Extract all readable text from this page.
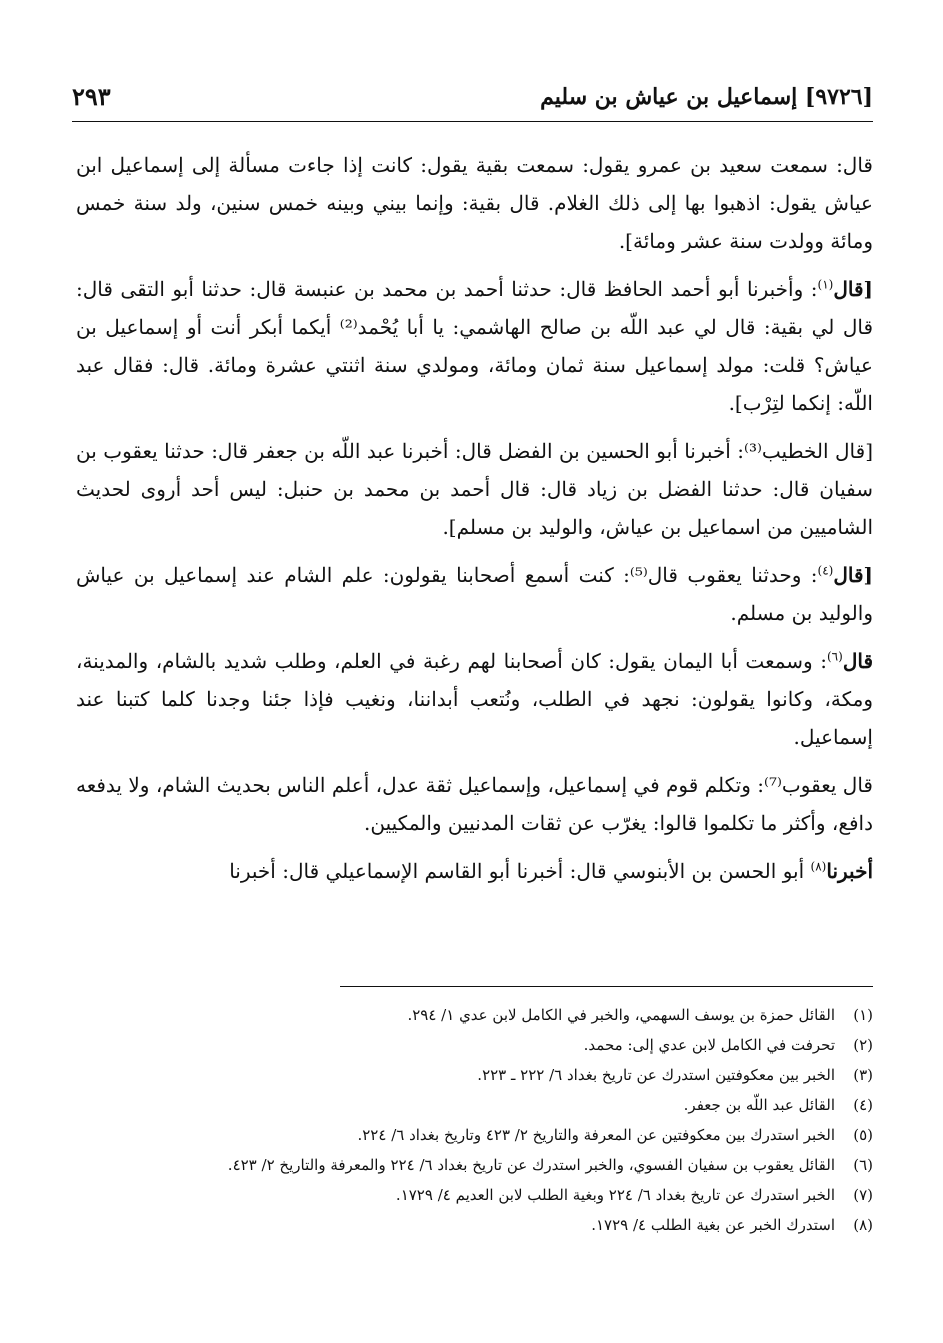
[٩٧٢٦] إسماعيل بن عياش بن سليم
٢٩٣

قال: سمعت سعيد بن عمرو يقول: سمعت بقية يقول: كانت إذا جاءت مسألة إلى إسماعيل ابن عياش يقول: اذهبوا بها إلى ذلك الغلام. قال بقية: وإنما بيني وبينه خمس سنين، ولد سنة خمس ومائة وولدت سنة عشر ومائة].

[قال$^{(١)}$: وأخبرنا أبو أحمد الحافظ قال: حدثنا أحمد بن محمد بن عنبسة قال: حدثنا أبو التقى قال: قال لي بقية: قال لي عبد اللّه بن صالح الهاشمي: يا أبا يُحْمد⁽²⁾ أيكما أبكر أنت أو إسماعيل بن عياش؟ قلت: مولد إسماعيل سنة ثمان ومائة، ومولدي سنة اثنتي عشرة ومائة. قال: فقال عبد اللّه: إنكما لتِرْب].

[قال الخطيب⁽³⁾: أخبرنا أبو الحسين بن الفضل قال: أخبرنا عبد اللّه بن جعفر قال: حدثنا يعقوب بن سفيان قال: حدثنا الفضل بن زياد قال: قال أحمد بن محمد بن حنبل: ليس أحد أروى لحديث الشاميين من اسماعيل بن عياش، والوليد بن مسلم].

[قال$^{(٤)}$: وحدثنا يعقوب قال⁽⁵⁾: كنت أسمع أصحابنا يقولون: علم الشام عند إسماعيل بن عياش والوليد بن مسلم.

قال$^{(٦)}$: وسمعت أبا اليمان يقول: كان أصحابنا لهم رغبة في العلم، وطلب شديد بالشام، والمدينة، ومكة، وكانوا يقولون: نجهد في الطلب، ونُتعب أبداننا، ونغيب فإذا جئنا وجدنا كلما كتبنا عند إسماعيل.

قال يعقوب⁽⁷⁾: وتكلم قوم في إسماعيل، وإسماعيل ثقة عدل، أعلم الناس بحديث الشام، ولا يدفعه دافع، وأكثر ما تكلموا قالوا: يغرّب عن ثقات المدنيين والمكيين.

أخبرنا$^{(٨)}$ أبو الحسن بن الأبنوسي قال: أخبرنا أبو القاسم الإسماعيلي قال: أخبرنا

(١)
القائل حمزة بن يوسف السهمي، والخبر في الكامل لابن عدي ١/ ٢٩٤.
(٢)
تحرفت في الكامل لابن عدي إلى: محمد.
(٣)
الخبر بين معكوفتين استدرك عن تاريخ بغداد ٦/ ٢٢٢ ـ ٢٢٣.
(٤)
القائل عبد اللّه بن جعفر.
(٥)
الخبر استدرك بين معكوفتين عن المعرفة والتاريخ ٢/ ٤٢٣ وتاريخ بغداد ٦/ ٢٢٤.
(٦)
القائل يعقوب بن سفيان الفسوي، والخبر استدرك عن تاريخ بغداد ٦/ ٢٢٤ والمعرفة والتاريخ ٢/ ٤٢٣.
(٧)
الخبر استدرك عن تاريخ بغداد ٦/ ٢٢٤ وبغية الطلب لابن العديم ٤/ ١٧٢٩.
(٨)
استدرك الخبر عن بغية الطلب ٤/ ١٧٢٩.
